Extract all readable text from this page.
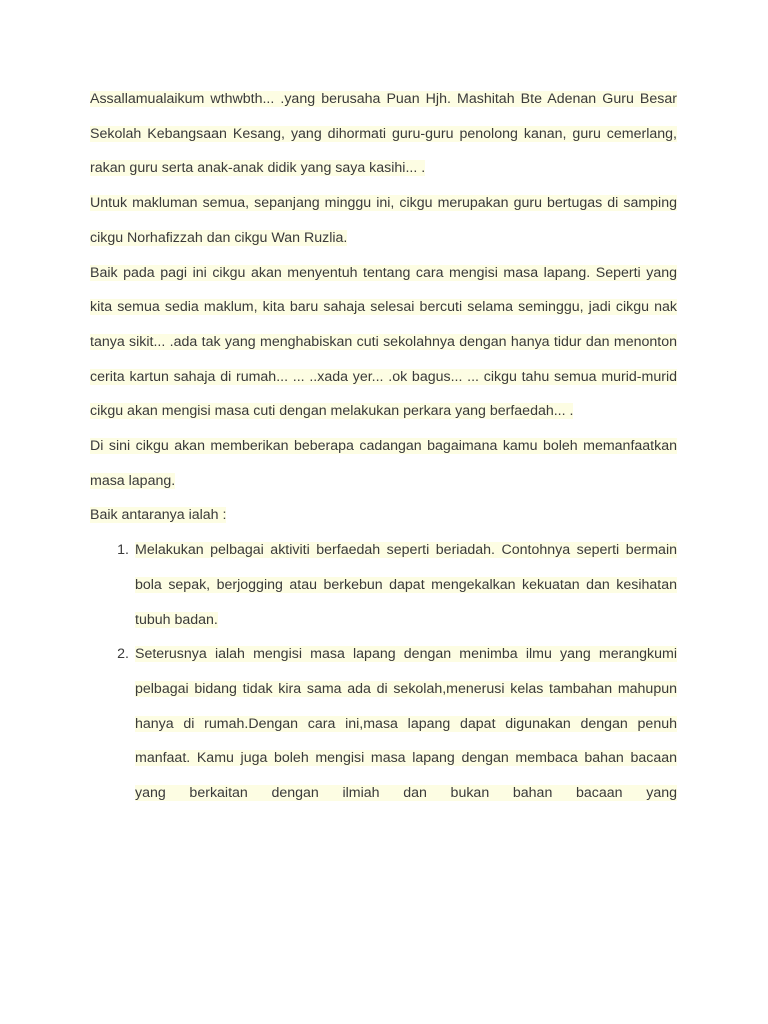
Assallamualaikum wthwbth... .yang berusaha Puan Hjh. Mashitah Bte Adenan Guru Besar Sekolah Kebangsaan Kesang, yang dihormati guru-guru penolong kanan, guru cemerlang, rakan guru serta anak-anak didik yang saya kasihi... .

Untuk makluman semua, sepanjang minggu ini, cikgu merupakan guru bertugas di samping cikgu Norhafizzah dan cikgu Wan Ruzlia.

Baik pada pagi ini cikgu akan menyentuh tentang cara mengisi masa lapang. Seperti yang kita semua sedia maklum, kita baru sahaja selesai bercuti selama seminggu, jadi cikgu nak tanya sikit... .ada tak yang menghabiskan cuti sekolahnya dengan hanya tidur dan menonton cerita kartun sahaja di rumah... ... ..xada yer... .ok bagus... ... cikgu tahu semua murid-murid cikgu akan mengisi masa cuti dengan melakukan perkara yang berfaedah... .

Di sini cikgu akan memberikan beberapa cadangan bagaimana kamu boleh memanfaatkan masa lapang.

Baik antaranya ialah :

1. Melakukan pelbagai aktiviti berfaedah seperti beriadah. Contohnya seperti bermain bola sepak, berjogging atau berkebun dapat mengekalkan kekuatan dan kesihatan tubuh badan.
2. Seterusnya ialah mengisi masa lapang dengan menimba ilmu yang merangkumi pelbagai bidang tidak kira sama ada di sekolah,menerusi kelas tambahan mahupun hanya di rumah.Dengan cara ini,masa lapang dapat digunakan dengan penuh manfaat. Kamu juga boleh mengisi masa lapang dengan membaca bahan bacaan yang berkaitan dengan ilmiah dan bukan bahan bacaan yang
